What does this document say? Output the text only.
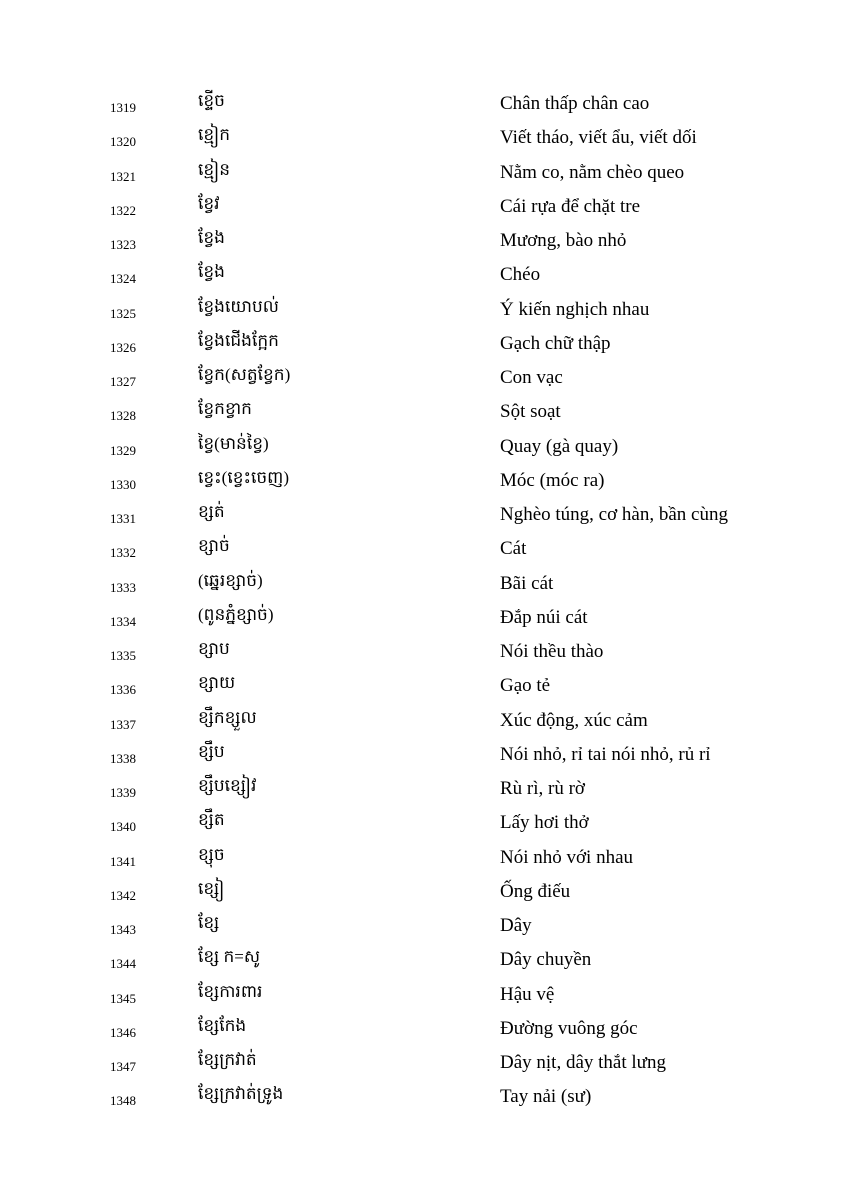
1319	ខ្ទើច	Chân thấp chân cao
1320	ខ្មៀក	Viết tháo, viết ẩu, viết dối
1321	ខ្មៀន	Nằm co, nằm chèo queo
1322	ខ្វែវ	Cái rựa để chặt tre
1323	ខ្វែង	Mương, bào nhỏ
1324	ខ្វែង	Chéo
1325	ខ្វែងយោបល់	Ý kiến nghịch nhau
1326	ខ្វែងជើងក្អែក	Gạch chữ thập
1327	ខ្វែក(សត្វខ្វែក)	Con vạc
1328	ខ្វែកខ្វាក	Sột soạt
1329	ខ្វៃ(មាន់ខ្វៃ)	Quay (gà quay)
1330	ខ្វេះ(ខ្វេះចេញ)	Móc (móc ra)
1331	ខ្សត់	Nghèo túng, cơ hàn, bần cùng
1332	ខ្សាច់	Cát
1333	(ឆ្នេរខ្សាច់)	Bãi cát
1334	(ពូនភ្នំខ្សាច់)	Đắp núi cát
1335	ខ្សាប	Nói thều thào
1336	ខ្សាយ	Gạo tẻ
1337	ខ្សឹកខ្សួល	Xúc động, xúc cảm
1338	ខ្សឹប	Nói nhỏ, rỉ tai nói nhỏ, rủ rỉ
1339	ខ្សឹបខ្សៀវ	Rù rì, rù rờ
1340	ខ្សឹត	Lấy hơi thở
1341	ខ្សុច	Nói nhỏ với nhau
1342	ខ្សៀ	Ống điếu
1343	ខ្សែ	Dây
1344	ខ្សែ ក=សូ	Dây chuyền
1345	ខ្សែការពារ	Hậu vệ
1346	ខ្សែកែង	Đường vuông góc
1347	ខ្សែក្រវាត់	Dây nịt, dây thắt lưng
1348	ខ្សែក្រវាត់ទ្រូង	Tay nải (sư)
